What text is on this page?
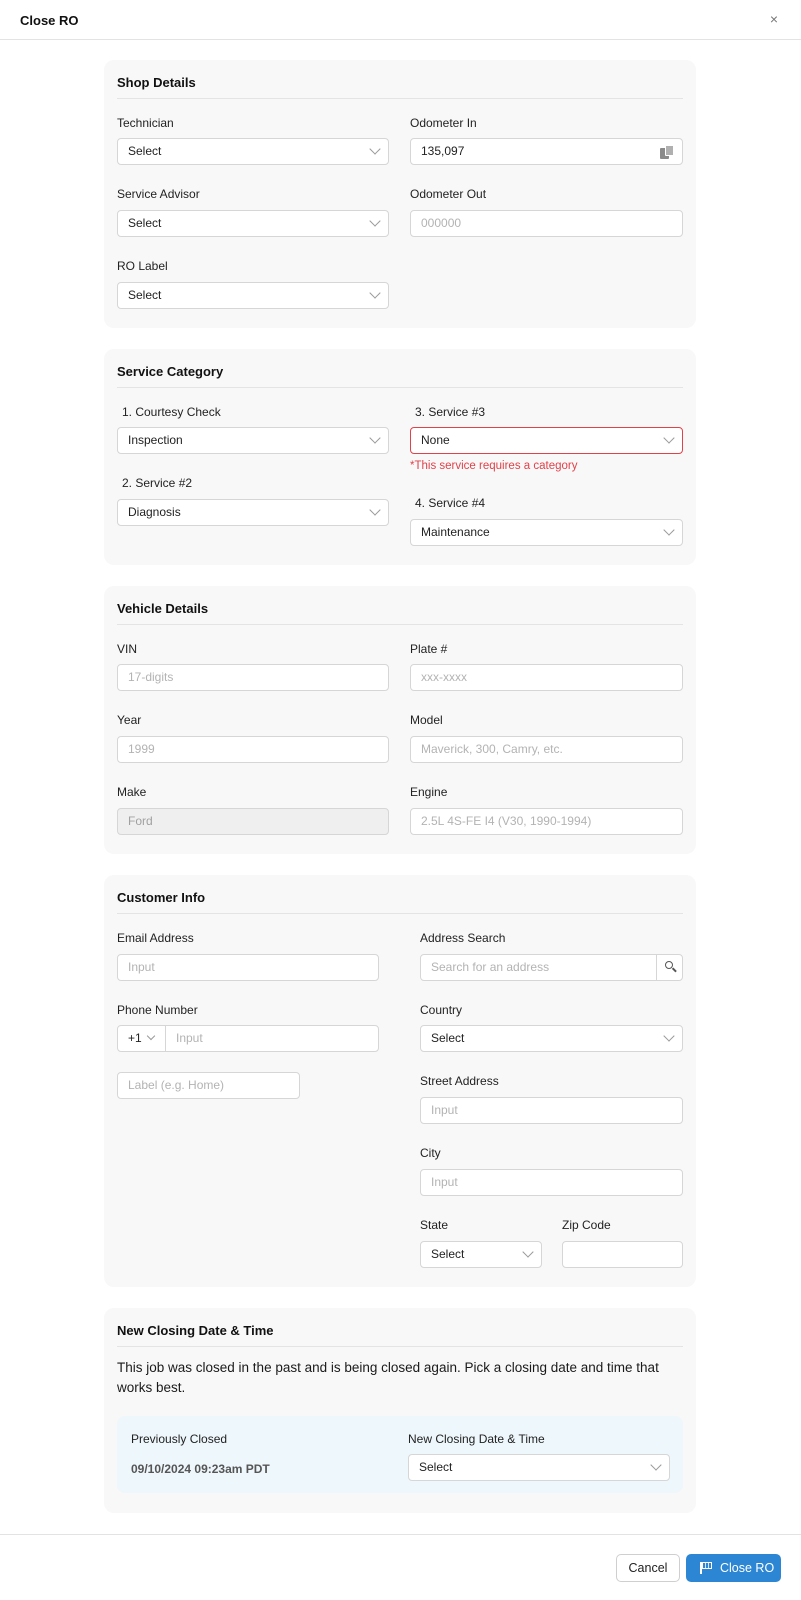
Close RO	×
Shop Details
Technician
Select
Odometer In
135,097
Service Advisor
Select
Odometer Out
000000
RO Label
Select
Service Category
1. Courtesy Check
Inspection
2. Service #2
Diagnosis
3. Service #3
None
*This service requires a category
4. Service #4
Maintenance
Vehicle Details
VIN
17-digits
Plate #
xxx-xxxx
Year
1999
Model
Maverick, 300, Camry, etc.
Make
Ford
Engine
2.5L 4S-FE I4 (V30, 1990-1994)
Customer Info
Email Address
Input
Address Search
Search for an address
Phone Number
+1	Input
Label (e.g. Home)
Country
Select
Street Address
Input
City
Input
State
Select
Zip Code
New Closing Date & Time
This job was closed in the past and is being closed again. Pick a closing date and time that works best.
Previously Closed
09/10/2024 09:23am PDT
New Closing Date & Time
Select
Cancel	Close RO
